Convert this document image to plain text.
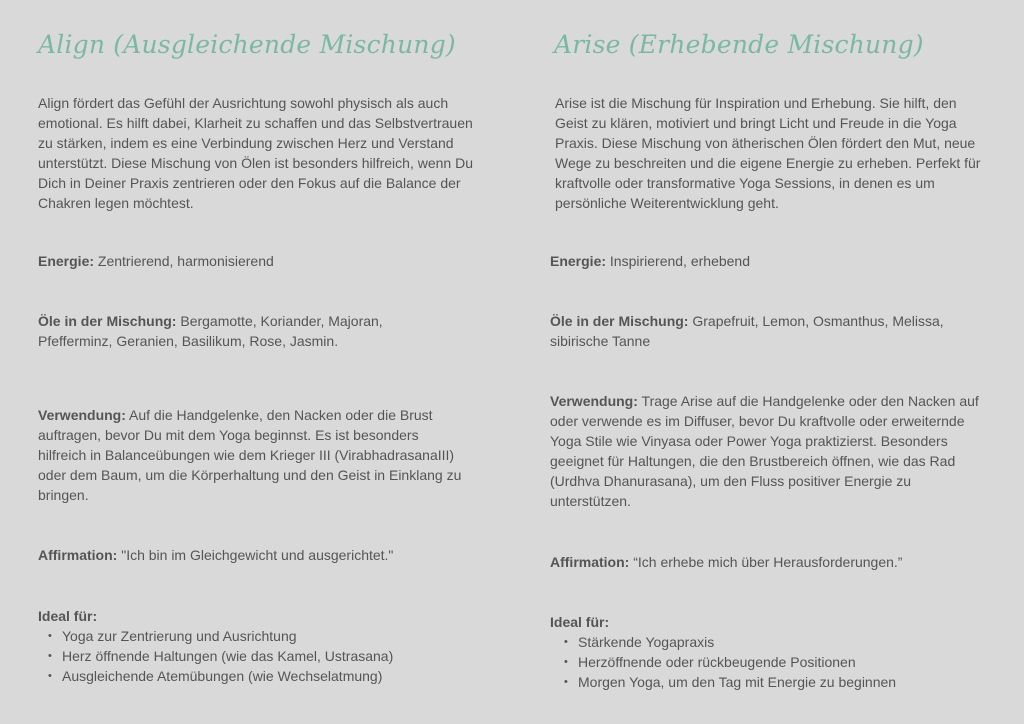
Align (Ausgleichende Mischung)

Align fördert das Gefühl der Ausrichtung sowohl physisch als auch emotional. Es hilft dabei, Klarheit zu schaffen und das Selbstvertrauen zu stärken, indem es eine Verbindung zwischen Herz und Verstand unterstützt. Diese Mischung von Ölen ist besonders hilfreich, wenn Du Dich in Deiner Praxis zentrieren oder den Fokus auf die Balance der Chakren legen möchtest.

Energie: Zentrierend, harmonisierend

Öle in der Mischung: Bergamotte, Koriander, Majoran, Pfefferminz, Geranien, Basilikum, Rose, Jasmin.

Verwendung: Auf die Handgelenke, den Nacken oder die Brust auftragen, bevor Du mit dem Yoga beginnst. Es ist besonders hilfreich in Balanceübungen wie dem Krieger III (VirabhadrasanaIII) oder dem Baum, um die Körperhaltung und den Geist in Einklang zu bringen.

Affirmation: "Ich bin im Gleichgewicht und ausgerichtet."

Ideal für:

• Yoga zur Zentrierung und Ausrichtung
• Herz öffnende Haltungen (wie das Kamel, Ustrasana)
• Ausgleichende Atemübungen (wie Wechselatmung)
Arise (Erhebende Mischung)

Arise ist die Mischung für Inspiration und Erhebung. Sie hilft, den Geist zu klären, motiviert und bringt Licht und Freude in die Yoga Praxis. Diese Mischung von ätherischen Ölen fördert den Mut, neue Wege zu beschreiten und die eigene Energie zu erheben. Perfekt für kraftvolle oder transformative Yoga Sessions, in denen es um persönliche Weiterentwicklung geht.

Energie: Inspirierend, erhebend

Öle in der Mischung: Grapefruit, Lemon, Osmanthus, Melissa, sibirische Tanne

Verwendung: Trage Arise auf die Handgelenke oder den Nacken auf oder verwende es im Diffuser, bevor Du kraftvolle oder erweiternde Yoga Stile wie Vinyasa oder Power Yoga praktizierst. Besonders geeignet für Haltungen, die den Brustbereich öffnen, wie das Rad (Urdhva Dhanurasana), um den Fluss positiver Energie zu unterstützen.

Affirmation: “Ich erhebe mich über Herausforderungen.”

Ideal für:

• Stärkende Yogapraxis
• Herzöffnende oder rückbeugende Positionen
• Morgen Yoga, um den Tag mit Energie zu beginnen
